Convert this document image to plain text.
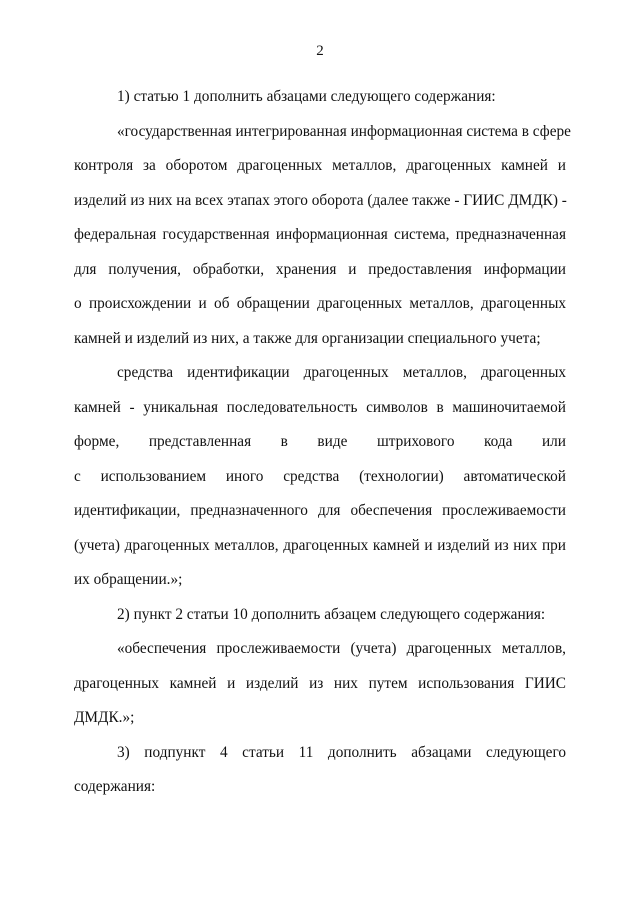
2
1) статью 1 дополнить абзацами следующего содержания:
«государственная интегрированная информационная система в сфере
контроля за оборотом драгоценных металлов, драгоценных камней и
изделий из них на всех этапах этого оборота (далее также - ГИИС ДМДК) -
федеральная государственная информационная система, предназначенная
для получения, обработки, хранения и предоставления информации
о происхождении и об обращении драгоценных металлов, драгоценных
камней и изделий из них, а также для организации специального учета;
средства идентификации драгоценных металлов, драгоценных
камней - уникальная последовательность символов в машиночитаемой
форме, представленная в виде штрихового кода или
с использованием иного средства (технологии) автоматической
идентификации, предназначенного для обеспечения прослеживаемости
(учета) драгоценных металлов, драгоценных камней и изделий из них при
их обращении.»;
2) пункт 2 статьи 10 дополнить абзацем следующего содержания:
«обеспечения прослеживаемости (учета) драгоценных металлов,
драгоценных камней и изделий из них путем использования ГИИС
ДМДК.»;
3) подпункт 4 статьи 11 дополнить абзацами следующего
содержания:
